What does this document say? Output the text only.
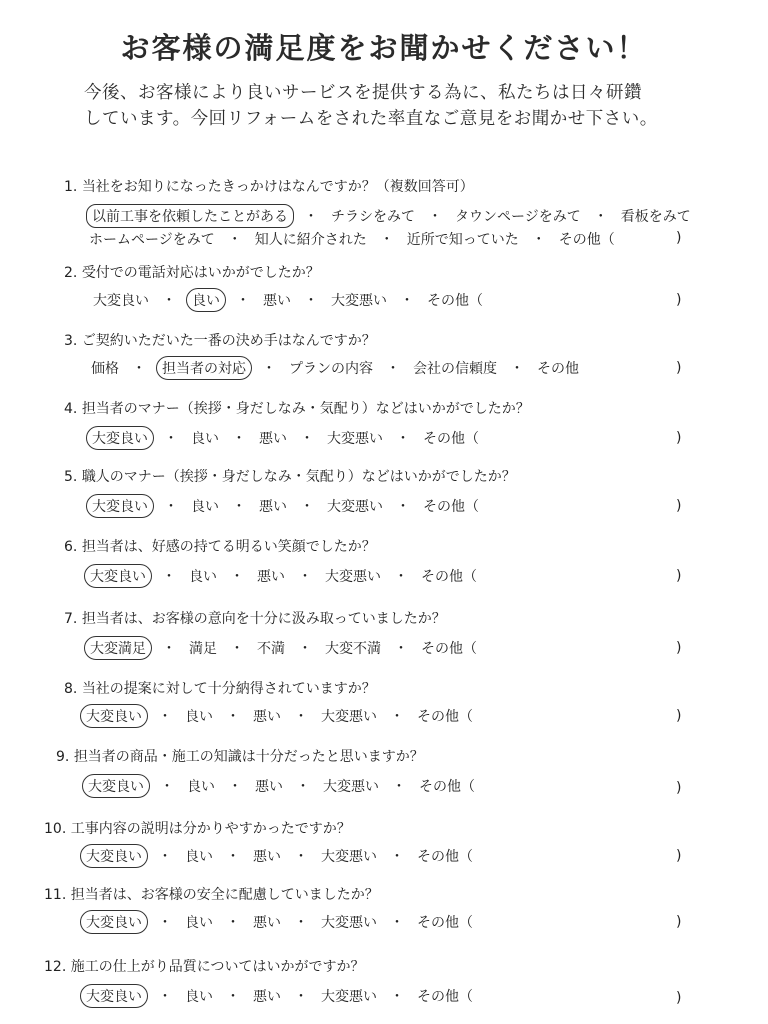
お客様の満足度をお聞かせください！
今後、お客様により良いサービスを提供する為に、私たちは日々研鑽
しています。今回リフォームをされた率直なご意見をお聞かせ下さい。
1. 当社をお知りになったきっかけはなんですか？（複数回答可）
以前工事を依頼したことがある	・ チラシをみて ・ タウンページをみて ・ 看板をみて
ホームページをみて ・ 知人に紹介された ・ 近所で知っていた ・ その他（	)
2. 受付での電話対応はいかがでしたか？
大変良い ・	良い	・ 悪い ・ 大変悪い ・ その他（	)
3. ご契約いただいた一番の決め手はなんですか？
価格 ・	担当者の対応	・ プランの内容 ・ 会社の信頼度 ・ その他	)
4. 担当者のマナー（挨拶・身だしなみ・気配り）などはいかがでしたか？
大変良い	・ 良い ・ 悪い ・ 大変悪い ・ その他（	)
5. 職人のマナー（挨拶・身だしなみ・気配り）などはいかがでしたか？
大変良い	・ 良い ・ 悪い ・ 大変悪い ・ その他（	)
6. 担当者は、好感の持てる明るい笑顔でしたか？
大変良い	・ 良い ・ 悪い ・ 大変悪い ・ その他（	)
7. 担当者は、お客様の意向を十分に汲み取っていましたか？
大変満足	・ 満足 ・ 不満 ・ 大変不満 ・ その他（	)
8. 当社の提案に対して十分納得されていますか？
大変良い	・ 良い ・ 悪い ・ 大変悪い ・ その他（	)
9. 担当者の商品・施工の知識は十分だったと思いますか？
大変良い	・ 良い ・ 悪い ・ 大変悪い ・ その他（	)
10. 工事内容の説明は分かりやすかったですか？
大変良い	・ 良い ・ 悪い ・ 大変悪い ・ その他（	)
11. 担当者は、お客様の安全に配慮していましたか？
大変良い	・ 良い ・ 悪い ・ 大変悪い ・ その他（	)
12. 施工の仕上がり品質についてはいかがですか？
大変良い	・ 良い ・ 悪い ・ 大変悪い ・ その他（	)
